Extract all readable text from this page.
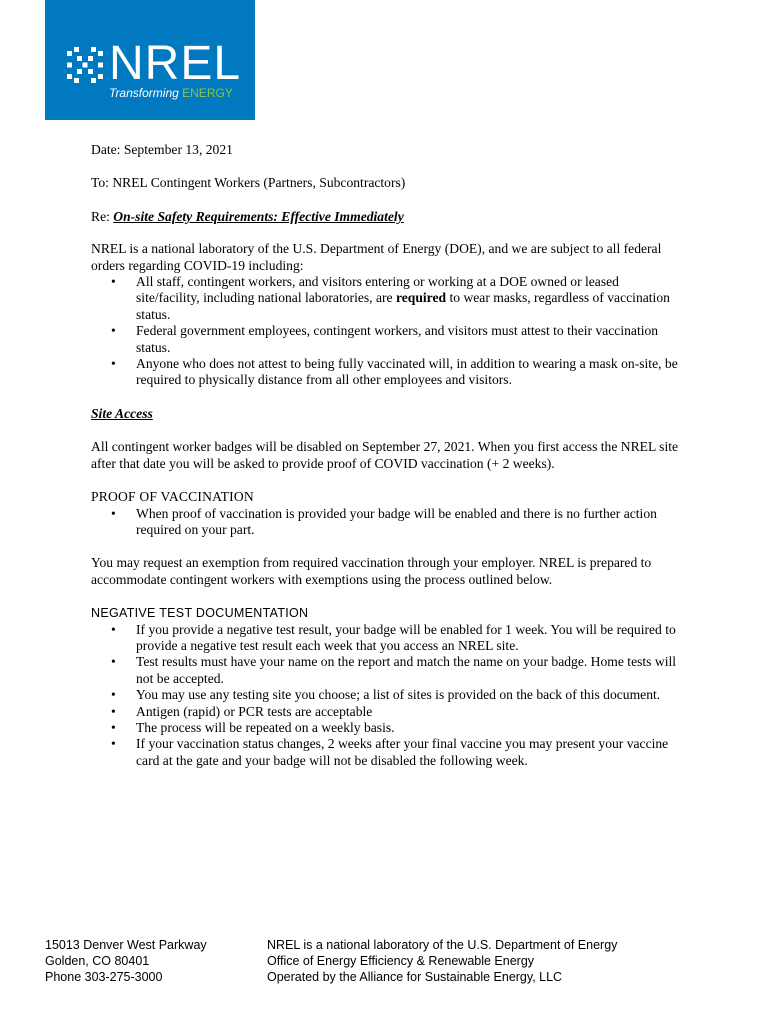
NREL
Transforming ENERGY

Date: September 13, 2021

To: NREL Contingent Workers (Partners, Subcontractors)

Re: On-site Safety Requirements: Effective Immediately

NREL is a national laboratory of the U.S. Department of Energy (DOE), and we are subject to all federal orders regarding COVID-19 including:

• All staff, contingent workers, and visitors entering or working at a DOE owned or leased site/facility, including national laboratories, are required to wear masks, regardless of vaccination status.
• Federal government employees, contingent workers, and visitors must attest to their vaccination status.
• Anyone who does not attest to being fully vaccinated will, in addition to wearing a mask on-site, be required to physically distance from all other employees and visitors.

Site Access

All contingent worker badges will be disabled on September 27, 2021. When you first access the NREL site after that date you will be asked to provide proof of COVID vaccination (+ 2 weeks).

PROOF OF VACCINATION

• When proof of vaccination is provided your badge will be enabled and there is no further action required on your part.

You may request an exemption from required vaccination through your employer. NREL is prepared to accommodate contingent workers with exemptions using the process outlined below.

NEGATIVE TEST DOCUMENTATION

• If you provide a negative test result, your badge will be enabled for 1 week. You will be required to provide a negative test result each week that you access an NREL site.
• Test results must have your name on the report and match the name on your badge. Home tests will not be accepted.
• You may use any testing site you choose; a list of sites is provided on the back of this document.
• Antigen (rapid) or PCR tests are acceptable
• The process will be repeated on a weekly basis.
• If your vaccination status changes, 2 weeks after your final vaccine you may present your vaccine card at the gate and your badge will not be disabled the following week.
15013 Denver West Parkway
Golden, CO 80401
Phone 303-275-3000
NREL is a national laboratory of the U.S. Department of Energy
Office of Energy Efficiency & Renewable Energy
Operated by the Alliance for Sustainable Energy, LLC
